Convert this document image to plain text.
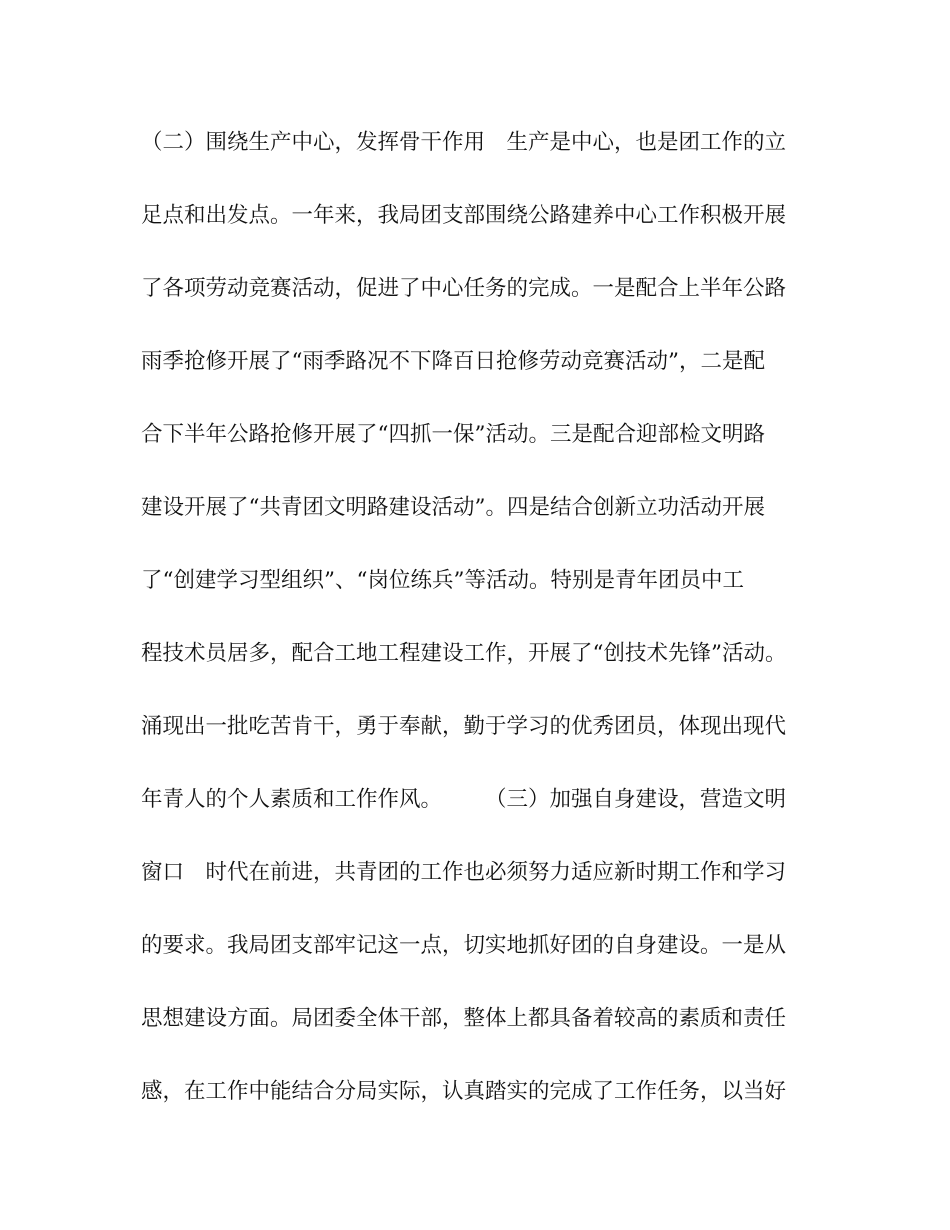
（二）围绕生产中心，发挥骨干作用　生产是中心，也是团工作的立
足点和出发点。一年来，我局团支部围绕公路建养中心工作积极开展
了各项劳动竞赛活动，促进了中心任务的完成。一是配合上半年公路
雨季抢修开展了“雨季路况不下降百日抢修劳动竞赛活动”，二是配
合下半年公路抢修开展了“四抓一保”活动。三是配合迎部检文明路
建设开展了“共青团文明路建设活动”。四是结合创新立功活动开展
了“创建学习型组织”、“岗位练兵”等活动。特别是青年团员中工
程技术员居多，配合工地工程建设工作，开展了“创技术先锋”活动。
涌现出一批吃苦肯干，勇于奉献，勤于学习的优秀团员，体现出现代
年青人的个人素质和工作作风。　　　（三）加强自身建设，营造文明
窗口　时代在前进，共青团的工作也必须努力适应新时期工作和学习
的要求。我局团支部牢记这一点，切实地抓好团的自身建设。一是从
思想建设方面。局团委全体干部，整体上都具备着较高的素质和责任
感，在工作中能结合分局实际，认真踏实的完成了工作任务，以当好
